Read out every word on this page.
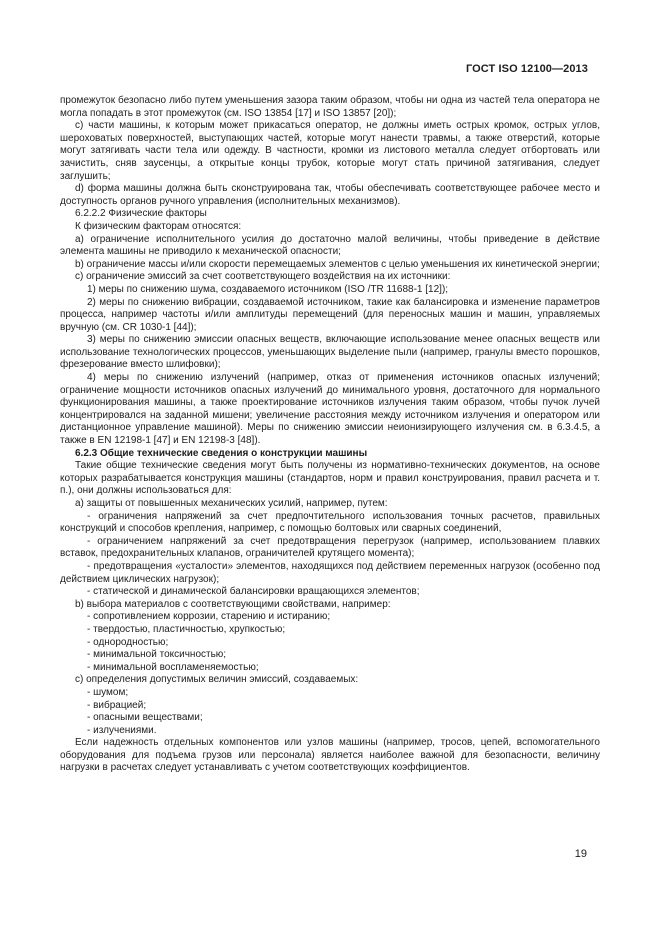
ГОСТ ISO 12100—2013

промежуток безопасно либо путем уменьшения зазора таким образом, чтобы ни одна из частей тела оператора не могла попадать в этот промежуток (см. ISO 13854 [17] и ISO 13857 [20]);

c) части машины, к которым может прикасаться оператор, не должны иметь острых кромок, острых углов, шероховатых поверхностей, выступающих частей, которые могут нанести травмы, а также отверстий, которые могут затягивать части тела или одежду. В частности, кромки из листового металла следует отбортовать или зачистить, сняв заусенцы, а открытые концы трубок, которые могут стать причиной затягивания, следует заглушить;

d) форма машины должна быть сконструирована так, чтобы обеспечивать соответствующее рабочее место и доступность органов ручного управления (исполнительных механизмов).

6.2.2.2 Физические факторы

К физическим факторам относятся:

a) ограничение исполнительного усилия до достаточно малой величины, чтобы приведение в действие элемента машины не приводило к механической опасности;

b) ограничение массы и/или скорости перемещаемых элементов с целью уменьшения их кинетической энергии;

c) ограничение эмиссий за счет соответствующего воздействия на их источники:

1) меры по снижению шума, создаваемого источником (ISO /TR 11688-1 [12]);

2) меры по снижению вибрации, создаваемой источником, такие как балансировка и изменение параметров процесса, например частоты и/или амплитуды перемещений (для переносных машин и машин, управляемых вручную (см. CR 1030-1 [44]);

3) меры по снижению эмиссии опасных веществ, включающие использование менее опасных веществ или использование технологических процессов, уменьшающих выделение пыли (например, гранулы вместо порошков, фрезерование вместо шлифовки);

4) меры по снижению излучений (например, отказ от применения источников опасных излучений; ограничение мощности источников опасных излучений до минимального уровня, достаточного для нормального функционирования машины, а также проектирование источников излучения таким образом, чтобы пучок лучей концентрировался на заданной мишени; увеличение расстояния между источником излучения и оператором или дистанционное управление машиной). Меры по снижению эмиссии неионизирующего излучения см. в 6.3.4.5, а также в EN 12198-1 [47] и EN 12198-3 [48]).

6.2.3 Общие технические сведения о конструкции машины

Такие общие технические сведения могут быть получены из нормативно-технических документов, на основе которых разрабатывается конструкция машины (стандартов, норм и правил конструирования, правил расчета и т. п.), они должны использоваться для:

a) защиты от повышенных механических усилий, например, путем:

- ограничения напряжений за счет предпочтительного использования точных расчетов, правильных конструкций и способов крепления, например, с помощью болтовых или сварных соединений,

- ограничением напряжений за счет предотвращения перегрузок (например, использованием плавких вставок, предохранительных клапанов, ограничителей крутящего момента);

- предотвращения «усталости» элементов, находящихся под действием переменных нагрузок (особенно под действием циклических нагрузок);

- статической и динамической балансировки вращающихся элементов;

b) выбора материалов с соответствующими свойствами, например:

- сопротивлением коррозии, старению и истиранию;

- твердостью, пластичностью, хрупкостью;

- однородностью;

- минимальной токсичностью;

- минимальной воспламеняемостью;

c) определения допустимых величин эмиссий, создаваемых:

- шумом;

- вибрацией;

- опасными веществами;

- излучениями.

Если надежность отдельных компонентов или узлов машины (например, тросов, цепей, вспомогательного оборудования для подъема грузов или персонала) является наиболее важной для безопасности, величину нагрузки в расчетах следует устанавливать с учетом соответствующих коэффициентов.

19
